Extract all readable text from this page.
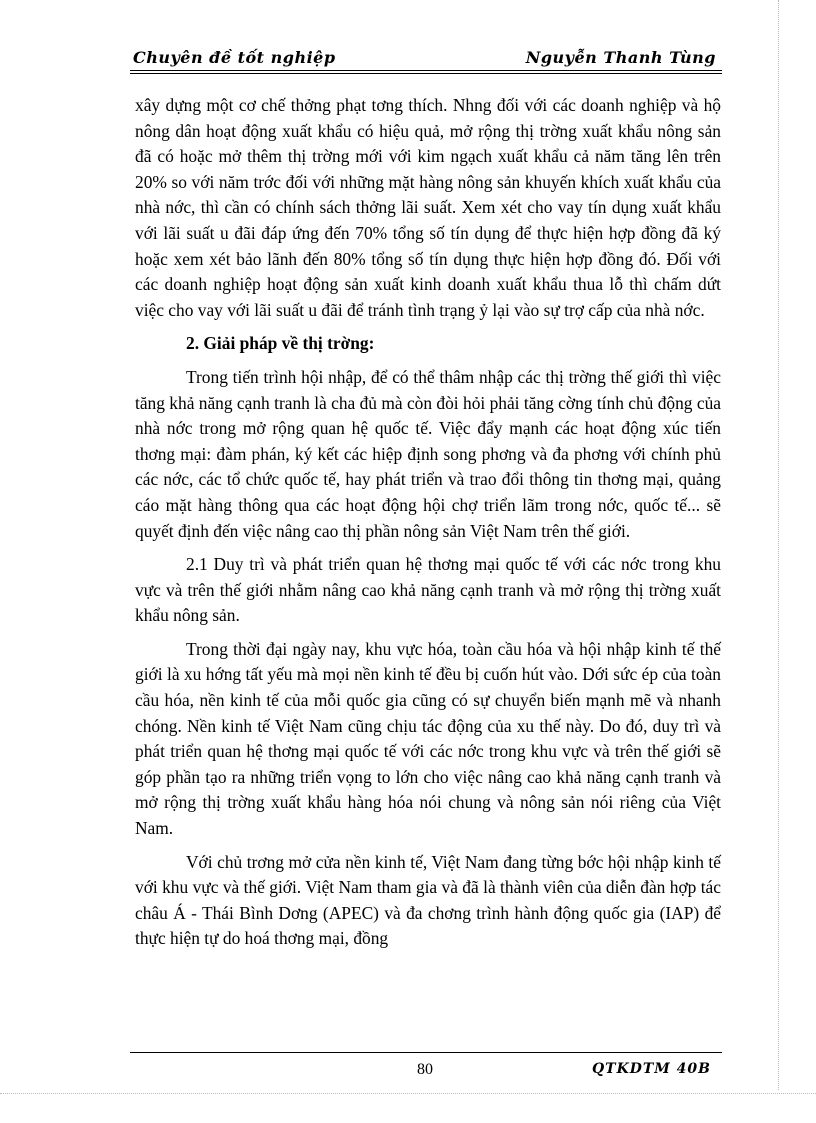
Chuyên đề tốt nghiệp	Nguyễn Thanh Tùng

xây dựng một cơ chế thởng phạt tơng thích. Nhng đối với các doanh nghiệp và hộ nông dân hoạt động xuất khẩu có hiệu quả, mở rộng thị trờng xuất khẩu nông sản đã có hoặc mở thêm thị trờng mới với kim ngạch xuất khẩu cả năm tăng lên trên 20% so với năm trớc đối với những mặt hàng nông sản khuyến khích xuất khẩu của nhà nớc, thì cần có chính sách thởng lãi suất. Xem xét cho vay tín dụng xuất khẩu với lãi suất u đãi đáp ứng đến 70% tổng số tín dụng để thực hiện hợp đồng đã ký hoặc xem xét bảo lãnh đến 80% tổng số tín dụng thực hiện hợp đồng đó. Đối với các doanh nghiệp hoạt động sản xuất kinh doanh xuất khẩu thua lỗ thì chấm dứt việc cho vay với lãi suất u đãi để tránh tình trạng ỷ lại vào sự trợ cấp của nhà nớc.

2. Giải pháp về thị trờng:

Trong tiến trình hội nhập, để có thể thâm nhập các thị trờng thế giới thì việc tăng khả năng cạnh tranh là cha đủ mà còn đòi hỏi phải tăng cờng tính chủ động của nhà nớc trong mở rộng quan hệ quốc tế. Việc đẩy mạnh các hoạt động xúc tiến thơng mại: đàm phán, ký kết các hiệp định song phơng và đa phơng với chính phủ các nớc, các tổ chức quốc tế, hay phát triển và trao đổi thông tin thơng mại, quảng cáo mặt hàng thông qua các hoạt động hội chợ triển lãm trong nớc, quốc tế... sẽ quyết định đến việc nâng cao thị phần nông sản Việt Nam trên thế giới.

2.1 Duy trì và phát triển quan hệ thơng mại quốc tế với các nớc trong khu vực và trên thế giới nhằm nâng cao khả năng cạnh tranh và mở rộng thị trờng xuất khẩu nông sản.

Trong thời đại ngày nay, khu vực hóa, toàn cầu hóa và hội nhập kinh tế thế giới là xu hớng tất yếu mà mọi nền kinh tế đều bị cuốn hút vào. Dới sức ép của toàn cầu hóa, nền kinh tế của mỗi quốc gia cũng có sự chuyển biến mạnh mẽ và nhanh chóng. Nền kinh tế Việt Nam cũng chịu tác động của xu thế này. Do đó, duy trì và phát triển quan hệ thơng mại quốc tế với các nớc trong khu vực và trên thế giới sẽ góp phần tạo ra những triển vọng to lớn cho việc nâng cao khả năng cạnh tranh và mở rộng thị trờng xuất khẩu hàng hóa nói chung và nông sản nói riêng của Việt Nam.

Với chủ trơng mở cửa nền kinh tế, Việt Nam đang từng bớc hội nhập kinh tế với khu vực và thế giới. Việt Nam tham gia và đã là thành viên của diễn đàn hợp tác châu Á - Thái Bình Dơng (APEC) và đa chơng trình hành động quốc gia (IAP) để thực hiện tự do hoá thơng mại, đồng

80	QTKDTM 40B
